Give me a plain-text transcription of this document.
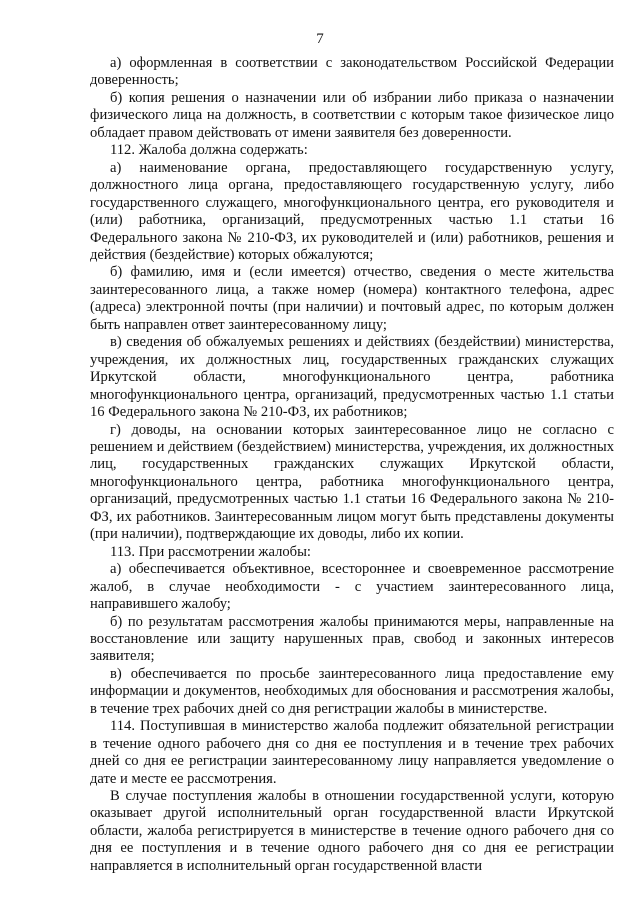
7

а) оформленная в соответствии с законодательством Российской Федерации доверенность;

б) копия решения о назначении или об избрании либо приказа о назначении физического лица на должность, в соответствии с которым такое физическое лицо обладает правом действовать от имени заявителя без доверенности.

112. Жалоба должна содержать:

а) наименование органа, предоставляющего государственную услугу, должностного лица органа, предоставляющего государственную услугу, либо государственного служащего, многофункционального центра, его руководителя и (или) работника, организаций, предусмотренных частью 1.1 статьи 16 Федерального закона № 210-ФЗ, их руководителей и (или) работников, решения и действия (бездействие) которых обжалуются;

б) фамилию, имя и (если имеется) отчество, сведения о месте жительства заинтересованного лица, а также номер (номера) контактного телефона, адрес (адреса) электронной почты (при наличии) и почтовый адрес, по которым должен быть направлен ответ заинтересованному лицу;

в) сведения об обжалуемых решениях и действиях (бездействии) министерства, учреждения, их должностных лиц, государственных гражданских служащих Иркутской области, многофункционального центра, работника многофункционального центра, организаций, предусмотренных частью 1.1 статьи 16 Федерального закона № 210-ФЗ, их работников;

г) доводы, на основании которых заинтересованное лицо не согласно с решением и действием (бездействием) министерства, учреждения, их должностных лиц, государственных гражданских служащих Иркутской области, многофункционального центра, работника многофункционального центра, организаций, предусмотренных частью 1.1 статьи 16 Федерального закона № 210-ФЗ, их работников. Заинтересованным лицом могут быть представлены документы (при наличии), подтверждающие их доводы, либо их копии.

113. При рассмотрении жалобы:

а) обеспечивается объективное, всестороннее и своевременное рассмотрение жалоб, в случае необходимости - с участием заинтересованного лица, направившего жалобу;

б) по результатам рассмотрения жалобы принимаются меры, направленные на восстановление или защиту нарушенных прав, свобод и законных интересов заявителя;

в) обеспечивается по просьбе заинтересованного лица предоставление ему информации и документов, необходимых для обоснования и рассмотрения жалобы, в течение трех рабочих дней со дня регистрации жалобы в министерстве.

114. Поступившая в министерство жалоба подлежит обязательной регистрации в течение одного рабочего дня со дня ее поступления и в течение трех рабочих дней со дня ее регистрации заинтересованному лицу направляется уведомление о дате и месте ее рассмотрения.

В случае поступления жалобы в отношении государственной услуги, которую оказывает другой исполнительный орган государственной власти Иркутской области, жалоба регистрируется в министерстве в течение одного рабочего дня со дня ее поступления и в течение одного рабочего дня со дня ее регистрации направляется в исполнительный орган государственной власти
